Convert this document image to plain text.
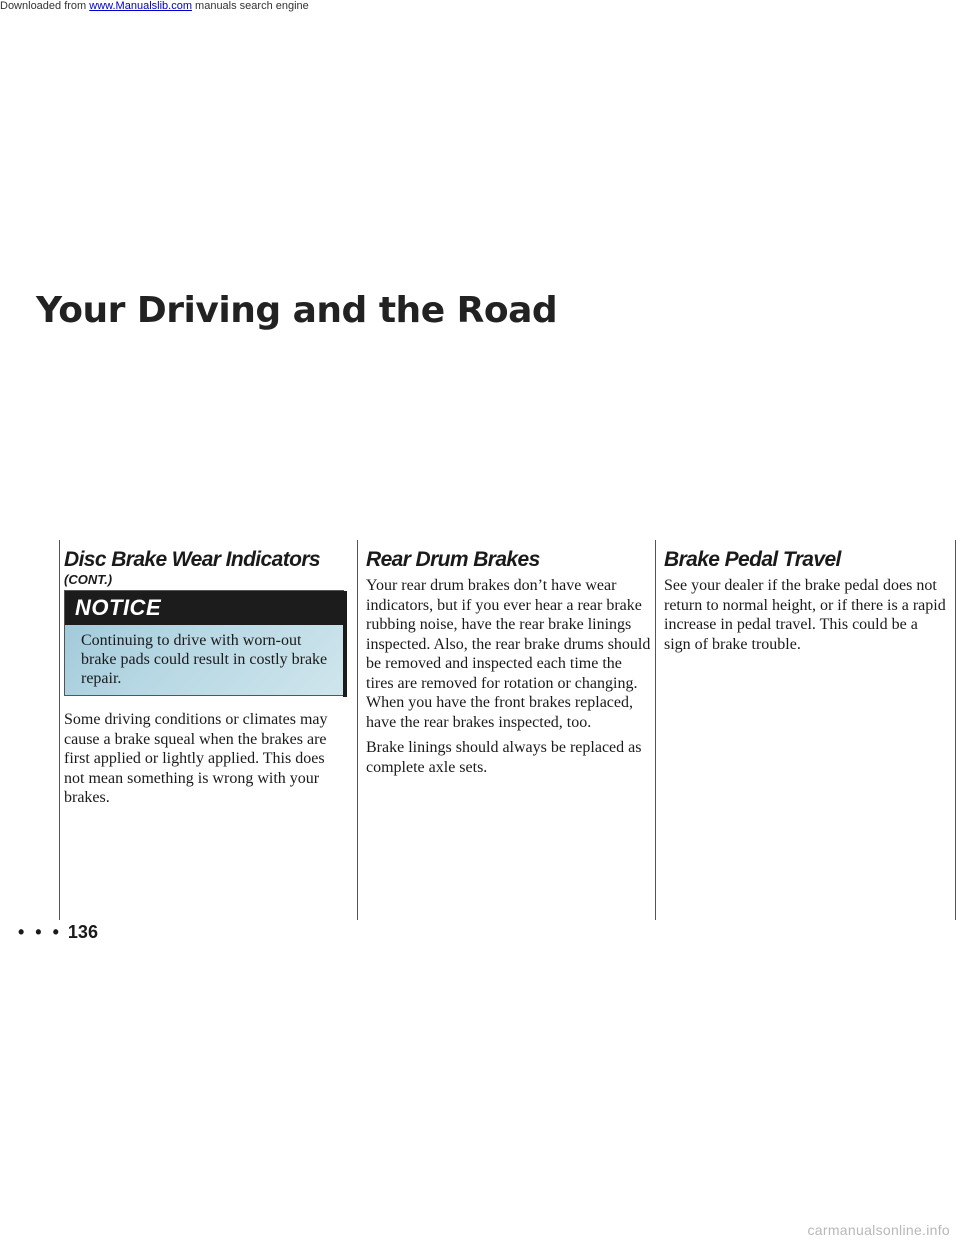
Downloaded from www.Manualslib.com manuals search engine
Your Driving and the Road
Disc Brake Wear Indicators
(CONT.)
NOTICE
Continuing to drive with worn-out brake pads could result in costly brake repair.

Some driving conditions or climates may cause a brake squeal when the brakes are first applied or lightly applied. This does not mean something is wrong with your brakes.

Rear Drum Brakes

Your rear drum brakes don’t have wear indicators, but if you ever hear a rear brake rubbing noise, have the rear brake linings inspected. Also, the rear brake drums should be removed and inspected each time the tires are removed for rotation or changing. When you have the front brakes replaced, have the rear brakes inspected, too.

Brake linings should always be replaced as complete axle sets.

Brake Pedal Travel

See your dealer if the brake pedal does not return to normal height, or if there is a rapid increase in pedal travel. This could be a sign of brake trouble.

• • • 136
carmanualsonline.info
